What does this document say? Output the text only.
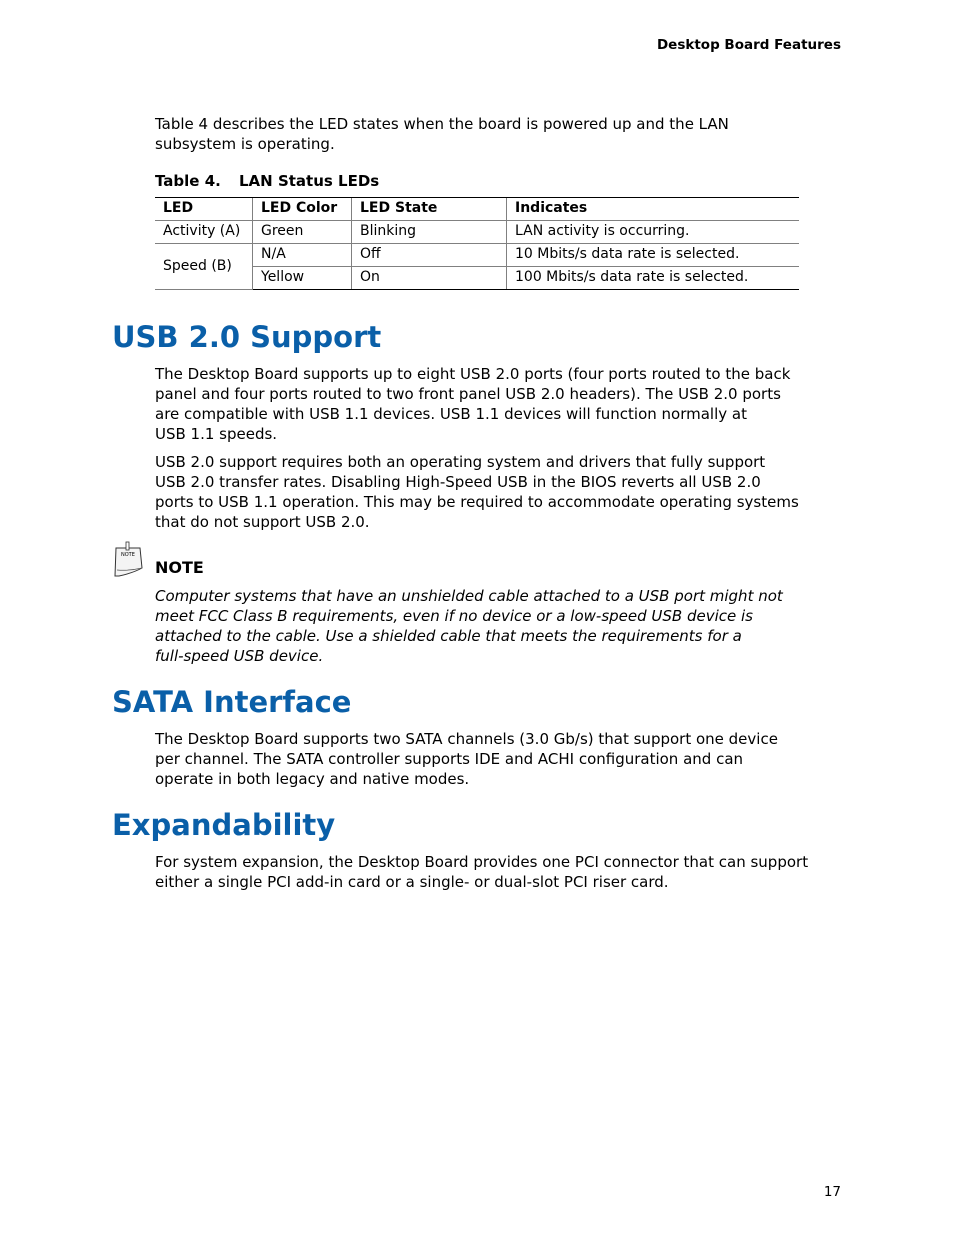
Desktop Board Features

Table 4 describes the LED states when the board is powered up and the LAN
subsystem is operating.

Table 4. LAN Status LEDs
LED	LED Color	LED State	Indicates
Activity (A)	Green	Blinking	LAN activity is occurring.
Speed (B)	N/A	Off	10 Mbits/s data rate is selected.
	Yellow	On	100 Mbits/s data rate is selected.
USB 2.0 Support

The Desktop Board supports up to eight USB 2.0 ports (four ports routed to the back
panel and four ports routed to two front panel USB 2.0 headers). The USB 2.0 ports
are compatible with USB 1.1 devices. USB 1.1 devices will function normally at
USB 1.1 speeds.

USB 2.0 support requires both an operating system and drivers that fully support
USB 2.0 transfer rates. Disabling High-Speed USB in the BIOS reverts all USB 2.0
ports to USB 1.1 operation. This may be required to accommodate operating systems
that do not support USB 2.0.

NOTE
NOTE

Computer systems that have an unshielded cable attached to a USB port might not
meet FCC Class B requirements, even if no device or a low-speed USB device is
attached to the cable. Use a shielded cable that meets the requirements for a
full-speed USB device.

SATA Interface

The Desktop Board supports two SATA channels (3.0 Gb/s) that support one device
per channel. The SATA controller supports IDE and ACHI configuration and can
operate in both legacy and native modes.

Expandability

For system expansion, the Desktop Board provides one PCI connector that can support
either a single PCI add-in card or a single- or dual-slot PCI riser card.

17
